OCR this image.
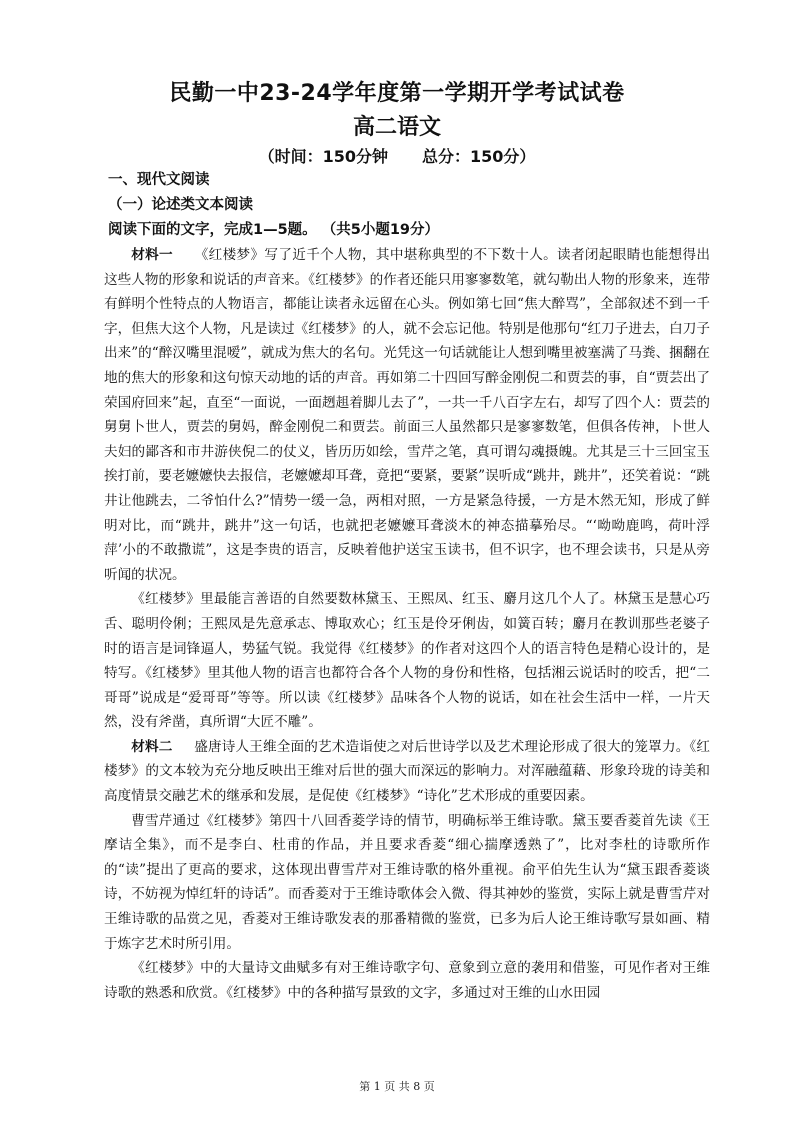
民勤一中23-24学年度第一学期开学考试试卷
高二语文
（时间：150分钟 总分：150分）
一、现代文阅读
（一）论述类文本阅读
阅读下面的文字，完成1—5题。 （共5小题19分）

材料一 《红楼梦》写了近千个人物，其中堪称典型的不下数十人。读者闭起眼睛也能想得出这些人物的形象和说话的声音来。《红楼梦》的作者还能只用寥寥数笔，就勾勒出人物的形象来，连带有鲜明个性特点的人物语言，都能让读者永远留在心头。例如第七回“焦大醉骂”，全部叙述不到一千字，但焦大这个人物，凡是读过《红楼梦》的人，就不会忘记他。特别是他那句“红刀子进去，白刀子出来”的“醉汉嘴里混嗳”，就成为焦大的名句。光凭这一句话就能让人想到嘴里被塞满了马粪、捆翻在地的焦大的形象和这句惊天动地的话的声音。再如第二十四回写醉金刚倪二和贾芸的事，自“贾芸出了荣国府回来”起，直至“一面说，一面趔趄着脚儿去了”，一共一千八百字左右，却写了四个人：贾芸的舅舅卜世人，贾芸的舅妈，醉金刚倪二和贾芸。前面三人虽然都只是寥寥数笔，但俱各传神，卜世人夫妇的鄙吝和市井游侠倪二的仗义，皆历历如绘，雪芹之笔，真可谓勾魂摄魄。尤其是三十三回宝玉挨打前，要老嬷嬷快去报信，老嬷嬷却耳聋，竟把“要紧，要紧”误听成“跳井，跳井”，还笑着说：“跳井让他跳去，二爷怕什么?”情势一缓一急，两相对照，一方是紧急待援，一方是木然无知，形成了鲜明对比，而“跳井，跳井”这一句话，也就把老嬷嬷耳聋淡木的神态描摹殆尽。“‘呦呦鹿鸣，荷叶浮萍’小的不敢撒谎”，这是李贵的语言，反映着他护送宝玉读书，但不识字，也不理会读书，只是从旁听闻的状况。

《红楼梦》里最能言善语的自然要数林黛玉、王熙凤、红玉、麝月这几个人了。林黛玉是慧心巧舌、聪明伶俐；王熙凤是先意承志、博取欢心；红玉是伶牙俐齿，如簧百转；麝月在教训那些老婆子时的语言是词锋逼人，势猛气锐。我觉得《红楼梦》的作者对这四个人的语言特色是精心设计的，是特写。《红楼梦》里其他人物的语言也都符合各个人物的身份和性格，包括湘云说话时的咬舌，把“二哥哥”说成是“爱哥哥”等等。所以读《红楼梦》品味各个人物的说话，如在社会生活中一样，一片天然，没有斧凿，真所谓“大匠不雕”。

材料二 盛唐诗人王维全面的艺术造诣使之对后世诗学以及艺术理论形成了很大的笼罩力。《红楼梦》的文本较为充分地反映出王维对后世的强大而深远的影响力。对浑融蕴藉、形象玲珑的诗美和高度情景交融艺术的继承和发展，是促使《红楼梦》“诗化”艺术形成的重要因素。

曹雪芹通过《红楼梦》第四十八回香菱学诗的情节，明确标举王维诗歌。黛玉要香菱首先读《王摩诘全集》，而不是李白、杜甫的作品，并且要求香菱“细心揣摩透熟了”，比对李杜的诗歌所作的“读”提出了更高的要求，这体现出曹雪芹对王维诗歌的格外重视。俞平伯先生认为“黛玉跟香菱谈诗，不妨视为悼红轩的诗话”。而香菱对于王维诗歌体会入微、得其神妙的鉴赏，实际上就是曹雪芹对王维诗歌的品赏之见，香菱对王维诗歌发表的那番精微的鉴赏，已多为后人论王维诗歌写景如画、精于炼字艺术时所引用。

《红楼梦》中的大量诗文曲赋多有对王维诗歌字句、意象到立意的袭用和借鉴，可见作者对王维诗歌的熟悉和欣赏。《红楼梦》中的各种描写景致的文字，多通过对王维的山水田园

第 1 页 共 8 页
